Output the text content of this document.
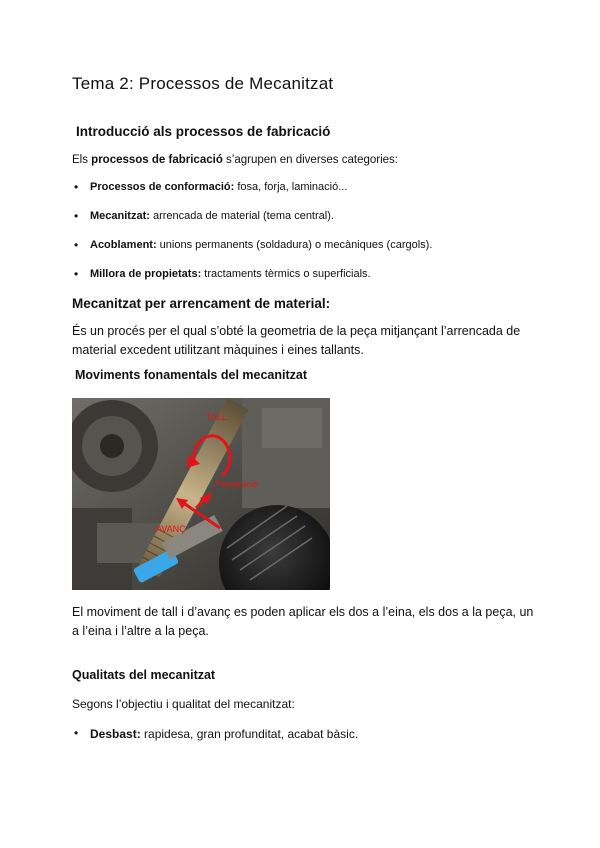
Tema 2: Processos de Mecanitzat
Introducció als processos de fabricació
Els processos de fabricació s’agrupen en diverses categories:
• Processos de conformació: fosa, forja, laminació...
• Mecanitzat: arrencada de material (tema central).
• Acoblament: unions permanents (soldadura) o mecàniques (cargols).
• Millora de propietats: tractaments tèrmics o superficials.
Mecanitzat per arrencament de material:
És un procés per el qual s’obté la geometria de la peça mitjançant l’arrencada de
material excedent utilitzant màquines i eines tallants.
Moviments fonamentals del mecanitzat
TALL
Penetració
AVANÇ
El moviment de tall i d’avanç es poden aplicar els dos a l’eina, els dos a la peça, un
a l’eina i l’altre a la peça.
Qualitats del mecanitzat
Segons l’objectiu i qualitat del mecanitzat:
• Desbast: rapidesa, gran profunditat, acabat bàsic.
